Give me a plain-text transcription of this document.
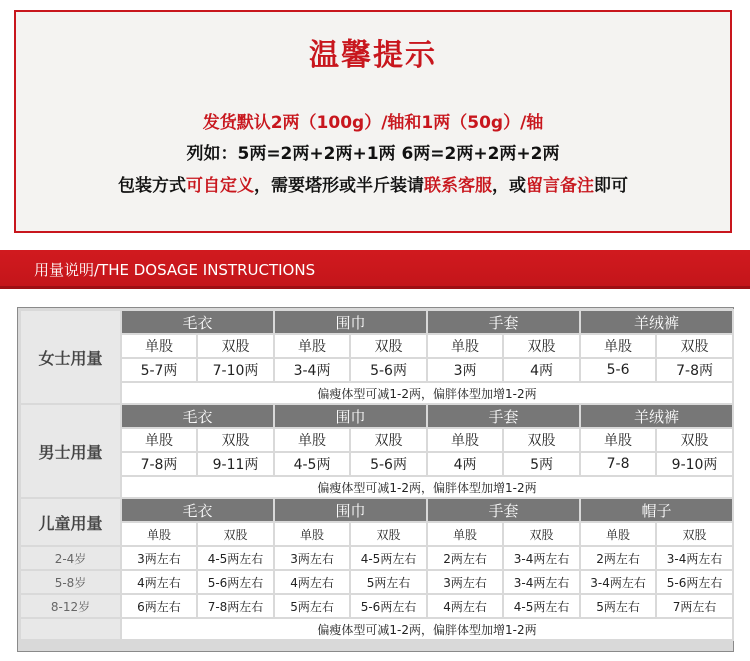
温馨提示
发货默认2两（100g）/轴和1两（50g）/轴
列如：5两=2两+2两+1两 6两=2两+2两+2两
包装方式可自定义，需要塔形或半斤装请联系客服，或留言备注即可
用量说明/THE DOSAGE INSTRUCTIONS
女士用量	毛衣		围巾		手套		羊绒裤	
	单股	双股	单股	双股	单股	双股	单股	双股
	5-7两	7-10两	3-4两	5-6两	3两	4两	5-6	7-8两
	偏瘦体型可减1-2两，偏胖体型加增1-2两							
男士用量	毛衣		围巾		手套		羊绒裤	
	单股	双股	单股	双股	单股	双股	单股	双股
	7-8两	9-11两	4-5两	5-6两	4两	5两	7-8	9-10两
	偏瘦体型可减1-2两，偏胖体型加增1-2两							
儿童用量	毛衣		围巾		手套		帽子	
	单股	双股	单股	双股	单股	双股	单股	双股
2-4岁	3两左右	4-5两左右	3两左右	4-5两左右	2两左右	3-4两左右	2两左右	3-4两左右
5-8岁	4两左右	5-6两左右	4两左右	5两左右	3两左右	3-4两左右	3-4两左右	5-6两左右
8-12岁	6两左右	7-8两左右	5两左右	5-6两左右	4两左右	4-5两左右	5两左右	7两左右
	偏瘦体型可减1-2两，偏胖体型加增1-2两							
